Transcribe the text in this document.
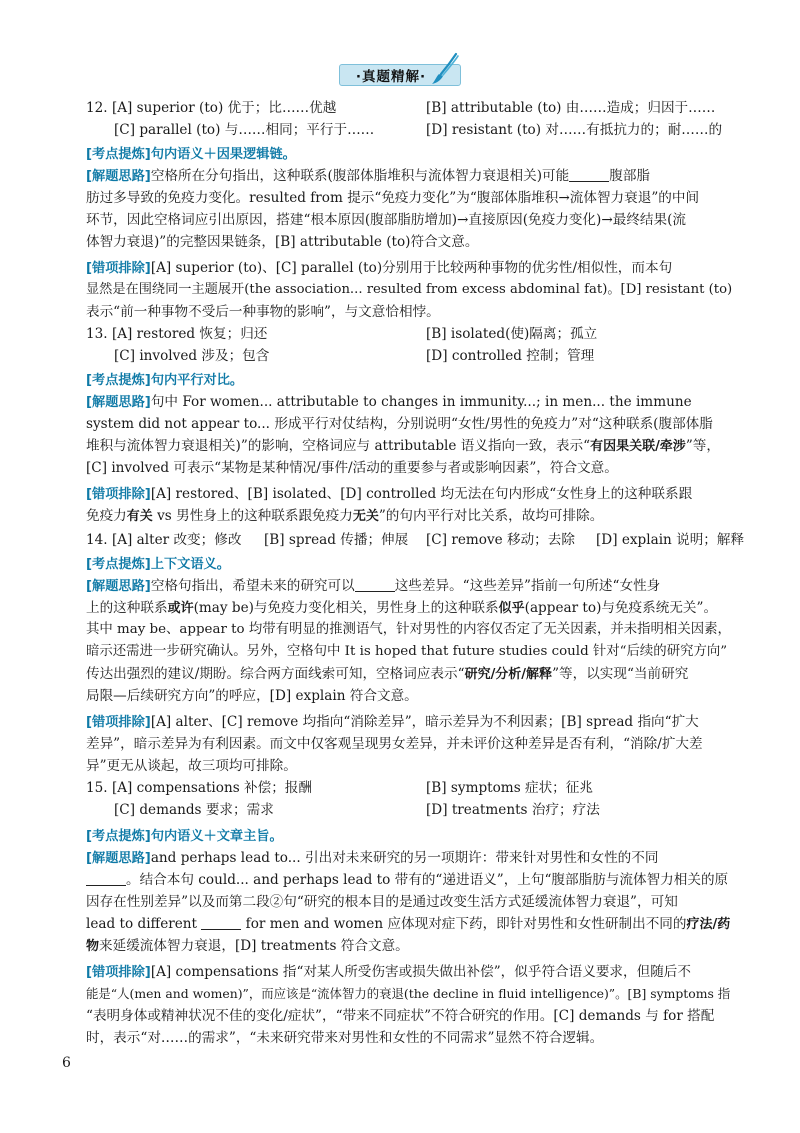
·真题精解·
12. [A] superior (to) 优于；比……优越	[B] attributable (to) 由……造成；归因于……
[C] parallel (to) 与……相同；平行于……	[D] resistant (to) 对……有抵抗力的；耐……的
[考点提炼]句内语义＋因果逻辑链。
[解题思路]空格所在分句指出，这种联系(腹部体脂堆积与流体智力衰退相关)可能	腹部脂
肪过多导致的免疫力变化。resulted from 提示“免疫力变化”为“腹部体脂堆积→流体智力衰退”的中间
环节，因此空格词应引出原因，搭建“根本原因(腹部脂肪增加)→直接原因(免疫力变化)→最终结果(流
体智力衰退)”的完整因果链条，[B] attributable (to)符合文意。
[错项排除][A] superior (to)、[C] parallel (to)分别用于比较两种事物的优劣性/相似性，而本句
显然是在围绕同一主题展开(the association... resulted from excess abdominal fat)。[D] resistant (to)
表示“前一种事物不受后一种事物的影响”，与文意恰相悖。
13. [A] restored 恢复；归还	[B] isolated(使)隔离；孤立
[C] involved 涉及；包含	[D] controlled 控制；管理
[考点提炼]句内平行对比。
[解题思路]句中 For women... attributable to changes in immunity...; in men... the immune
system did not appear to... 形成平行对仗结构，分别说明“女性/男性的免疫力”对“这种联系(腹部体脂
堆积与流体智力衰退相关)”的影响，空格词应与 attributable 语义指向一致，表示“有因果关联/牵涉”等，
[C] involved 可表示“某物是某种情况/事件/活动的重要参与者或影响因素”，符合文意。
[错项排除][A] restored、[B] isolated、[D] controlled 均无法在句内形成“女性身上的这种联系跟
免疫力有关 vs 男性身上的这种联系跟免疫力无关”的句内平行对比关系，故均可排除。
14. [A] alter 改变；修改 [B] spread 传播；伸展 [C] remove 移动；去除 [D] explain 说明；解释
[考点提炼]上下文语义。
[解题思路]空格句指出，希望未来的研究可以	这些差异。“这些差异”指前一句所述“女性身
上的这种联系或许(may be)与免疫力变化相关，男性身上的这种联系似乎(appear to)与免疫系统无关”。
其中 may be、appear to 均带有明显的推测语气，针对男性的内容仅否定了无关因素，并未指明相关因素，
暗示还需进一步研究确认。另外，空格句中 It is hoped that future studies could 针对“后续的研究方向”
传达出强烈的建议/期盼。综合两方面线索可知，空格词应表示“研究/分析/解释”等，以实现“当前研究
局限—后续研究方向”的呼应，[D] explain 符合文意。
[错项排除][A] alter、[C] remove 均指向“消除差异”，暗示差异为不利因素；[B] spread 指向“扩大
差异”，暗示差异为有利因素。而文中仅客观呈现男女差异，并未评价这种差异是否有利，“消除/扩大差
异”更无从谈起，故三项均可排除。
15. [A] compensations 补偿；报酬	[B] symptoms 症状；征兆
[C] demands 要求；需求	[D] treatments 治疗；疗法
[考点提炼]句内语义＋文章主旨。
[解题思路]and perhaps lead to... 引出对未来研究的另一项期许：带来针对男性和女性的不同
。结合本句 could... and perhaps lead to 带有的“递进语义”，上句“腹部脂肪与流体智力相关的原
因存在性别差异”以及而第二段②句“研究的根本目的是通过改变生活方式延缓流体智力衰退”，可知
lead to different	for men and women 应体现对症下药，即针对男性和女性研制出不同的疗法/药
物来延缓流体智力衰退，[D] treatments 符合文意。
[错项排除][A] compensations 指“对某人所受伤害或损失做出补偿”，似乎符合语义要求，但随后不
能是“人(men and women)”，而应该是“流体智力的衰退(the decline in fluid intelligence)”。[B] symptoms 指
“表明身体或精神状况不佳的变化/症状”，“带来不同症状”不符合研究的作用。[C] demands 与 for 搭配
时，表示“对……的需求”，“未来研究带来对男性和女性的不同需求”显然不符合逻辑。
6
